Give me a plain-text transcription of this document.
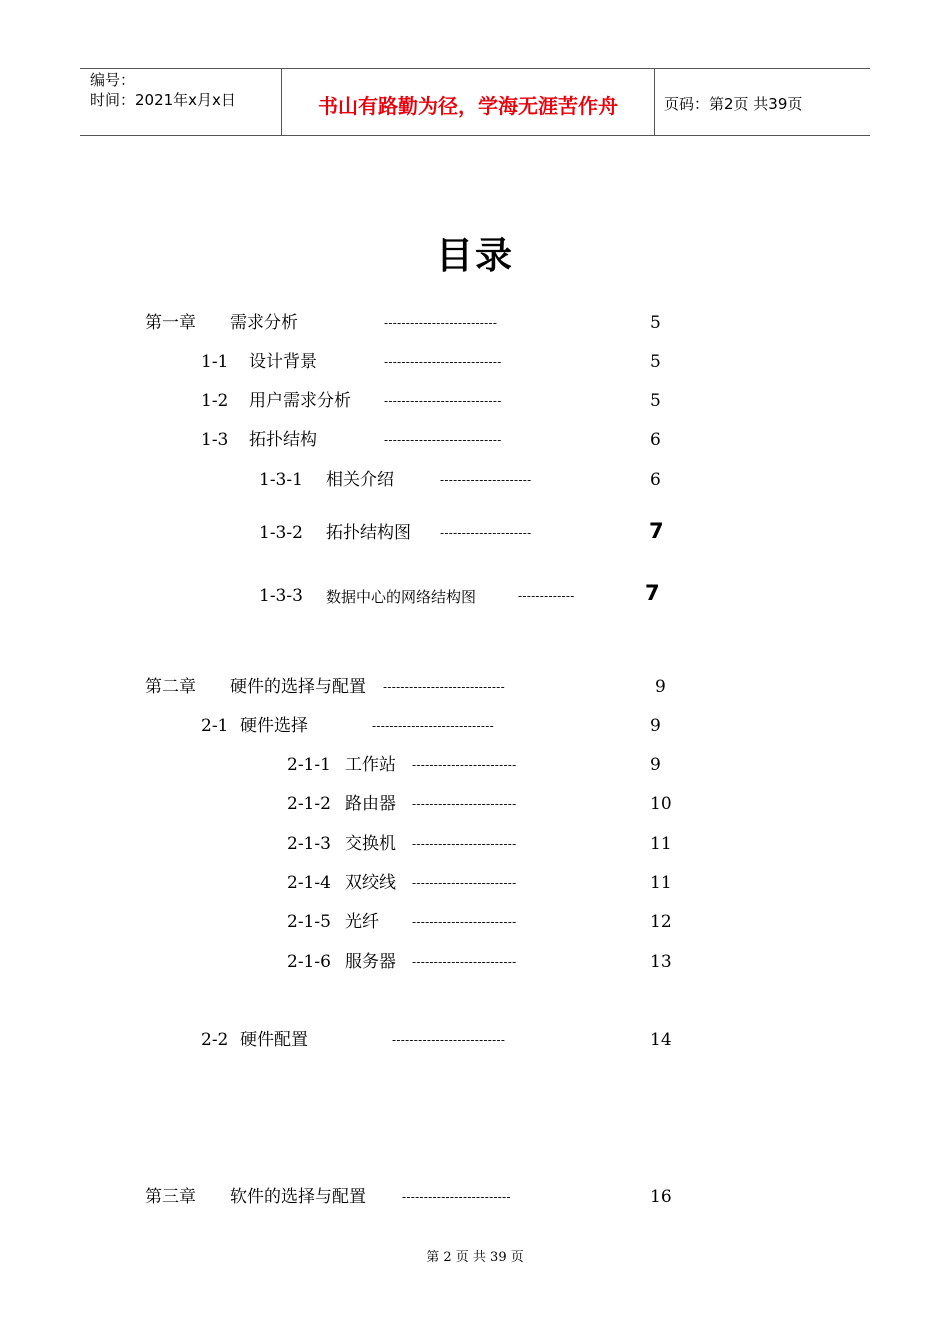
编号：
时间：2021年x月x日	书山有路勤为径，学海无涯苦作舟	页码：第2页 共39页
目录
第一章 需求分析	--------------------------	5
1-1 设计背景	---------------------------	5
1-2 用户需求分析	---------------------------	5
1-3 拓扑结构	---------------------------	6
1-3-1 相关介绍	---------------------	6
1-3-2 拓扑结构图 ---------------------	7
1-3-3 数据中心的网络结构图	-------------	7
第二章 硬件的选择与配置 ----------------------------	9
2-1 硬件选择	----------------------------	9
2-1-1 工作站 ------------------------	9
2-1-2 路由器 ------------------------	10
2-1-3 交换机 ------------------------	11
2-1-4 双绞线 ------------------------	11
2-1-5 光纤	------------------------	12
2-1-6 服务器 ------------------------	13
2-2 硬件配置	--------------------------	14
第三章 软件的选择与配置	-------------------------	16
第 2 页 共 39 页
